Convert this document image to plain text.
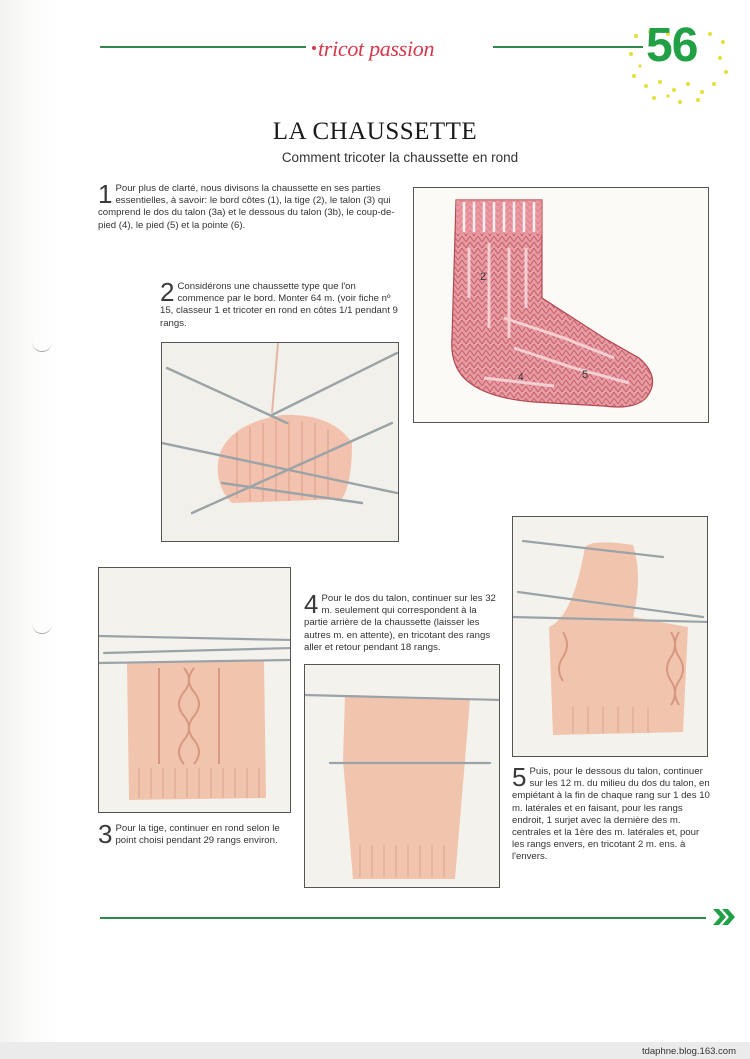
tricot passion	56
LA CHAUSSETTE
Comment tricoter la chaussette en rond
1 Pour plus de clarté, nous divisons la chaussette en ses parties essentielles, à savoir: le bord côtes (1), la tige (2), le talon (3) qui comprend le dos du talon (3a) et le dessous du talon (3b), le coup-de-pied (4), le pied (5) et la pointe (6).
2 Considérons une chaussette type que l'on commence par le bord. Monter 64 m. (voir fiche nº 15, classeur 1 et tricoter en rond en côtes 1/1 pendant 9 rangs.
2
4	5
3 Pour la tige, continuer en rond selon le point choisi pendant 29 rangs environ.
4 Pour le dos du talon, continuer sur les 32 m. seulement qui correspondent à la partie arrière de la chaussette (laisser les autres m. en attente), en tricotant des rangs aller et retour pendant 18 rangs.
5 Puis, pour le dessous du talon, continuer sur les 12 m. du milieu du dos du talon, en empiétant à la fin de chaque rang sur 1 des 10 m. latérales et en faisant, pour les rangs endroit, 1 surjet avec la dernière des m. centrales et la 1ère des m. latérales et, pour les rangs envers, en tricotant 2 m. ens. à l'envers.
tdaphne.blog.163.com
